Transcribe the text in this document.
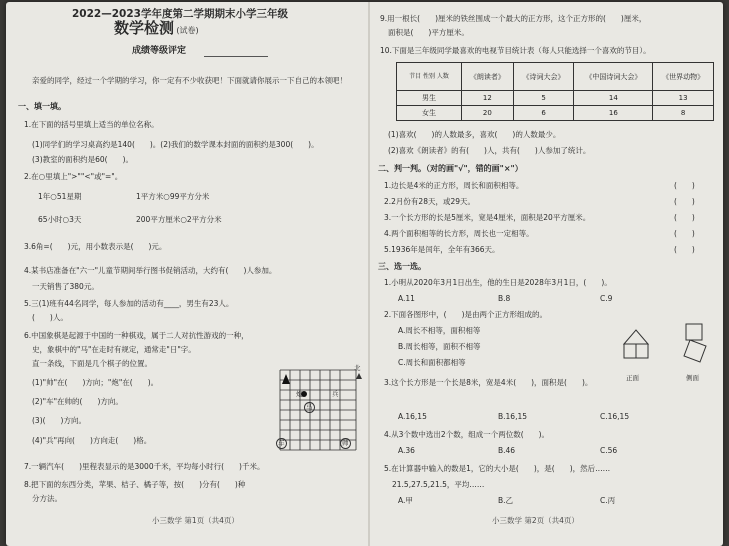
2022—2023学年度第二学期期末小学三年级
数学检测 (试卷)
成绩等级评定
亲爱的同学，经过一个学期的学习，你一定有不少收获吧！下面就请你展示一下自己的本领吧！
一、填一填。
1.在下面的括号里填上适当的单位名称。
(1)同学们的学习桌高约是140(　　)。(2)我们的数学课本封面的面积约是300(　　)。
(3)教室的面积约是60(　　)。
2.在○里填上">""<"或"="。
1年○51星期	1平方米○99平方分米
65小时○3天	200平方厘米○2平方分米
3.6角=(　　)元，用小数表示是(　　)元。
4.某书店准备在"六一"儿童节期间举行图书促销活动，大约有(　　)人参加。
一天销售了380元。
5.三(1)班有44名同学，每人参加的活动有____，男生有23人。
(　　)人。
6.中国象棋是起源于中国的一种棋戏，属于二人对抗性游戏的一种，
史，象棋中的"马"在走时有规定，通常走"日"字。
直一条线，下面是几个棋子的位置。
(1)"帅"在(　　)方向；"炮"在(　　)。
(2)"车"在帅的(　　)方向。
(3)(　　)方向。
(4)"兵"再向(　　)方向走(　　)格。
马
炮	兵
车	帅
北
7.一辆汽车(　　)里程表显示的是3000千米，平均每小时行(　　)千米。
8.把下面的东西分类，苹果、桔子、橘子等，按(　　)分有(　　)种
分方法。
小三数学 第1页（共4页）
9.用一根长(　　)厘米的铁丝围成一个最大的正方形，这个正方形的(　　)厘米，
面积是(　　)平方厘米。
10.下面是三年级同学最喜欢的电视节目统计表（每人只能选择一个喜欢的节目）。
节目 性别 人数	《朗读者》	《诗词大会》	《中国诗词大会》	《世界动物》
男生	12	5	14	13
女生	20	6	16	8
(1)喜欢(　　)的人数最多，喜欢(　　)的人数最少。
(2)喜欢《朗读者》的有(　　)人，共有(　　)人参加了统计。
二、判一判。（对的画"√"，错的画"×"）
1.边长是4米的正方形，周长和面积相等。	(　　)
2.2月份有28天，或29天。	(　　)
3.一个长方形的长是5厘米，宽是4厘米，面积是20平方厘米。	(　　)
4.两个面积相等的长方形，周长也一定相等。	(　　)
5.1936年是闰年，全年有366天。	(　　)
三、选一选。
1.小明从2020年3月1日出生，他的生日是2028年3月1日，(　　)。
A.11	B.8	C.9
2.下面各图形中，(　　)是由两个正方形组成的。
A.周长不相等，面积相等
B.周长相等，面积不相等
C.周长和面积都相等
正面	侧面
3.这个长方形是一个长是8米，宽是4米(　　)，面积是(　　)。
A.16,15	B.16,15	C.16,15
4.从3个数中选出2个数，组成一个两位数(　　)。
A.36	B.46	C.56
5.在计算器中输入的数是1，它的大小是(　　)，是(　　)，然后……
21.5,27.5,21.5，平均……
A.甲	B.乙	C.丙
小三数学 第2页（共4页）
